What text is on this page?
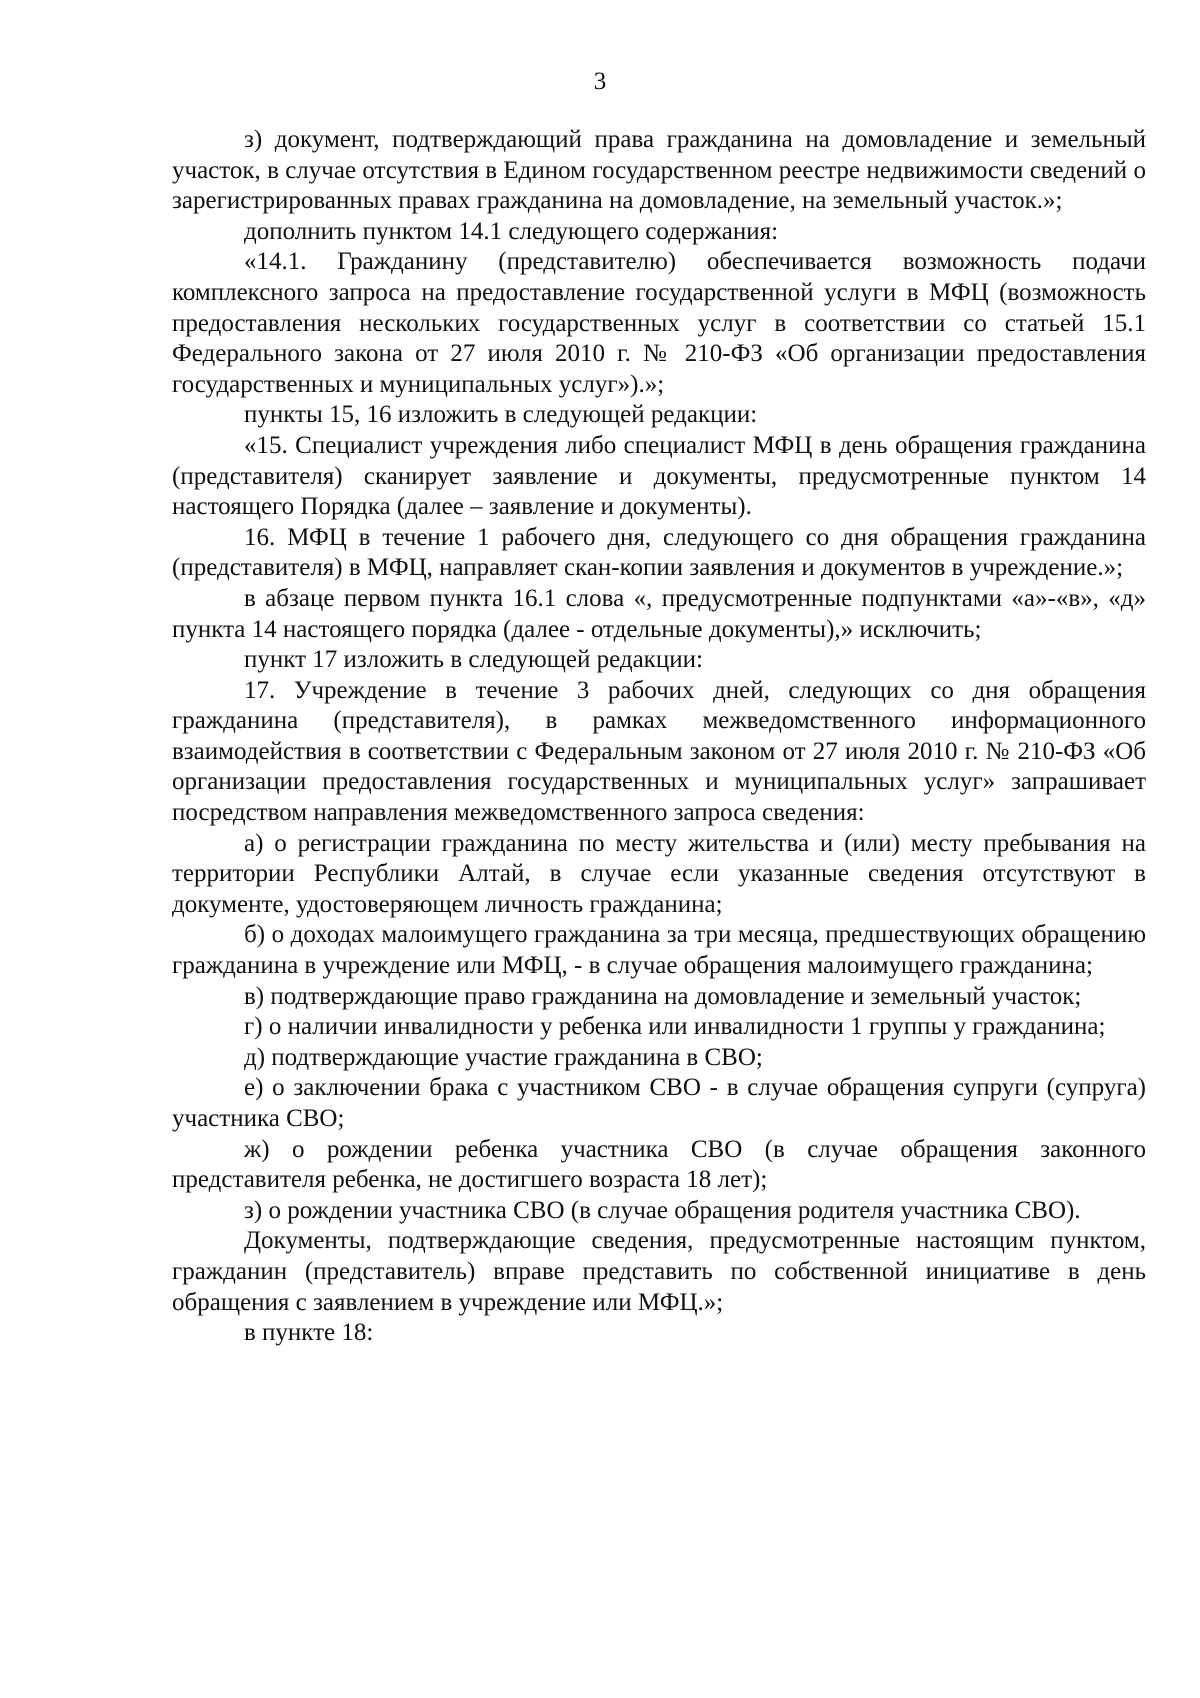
3

з) документ, подтверждающий права гражданина на домовладение и земельный участок, в случае отсутствия в Едином государственном реестре недвижимости сведений о зарегистрированных правах гражданина на домовладение, на земельный участок.»;

дополнить пунктом 14.1 следующего содержания:

«14.1. Гражданину (представителю) обеспечивается возможность подачи комплексного запроса на предоставление государственной услуги в МФЦ (возможность предоставления нескольких государственных услуг в соответствии со статьей 15.1 Федерального закона от 27 июля 2010 г. № 210-ФЗ «Об организации предоставления государственных и муниципальных услуг»).»;

пункты 15, 16 изложить в следующей редакции:

«15. Специалист учреждения либо специалист МФЦ в день обращения гражданина (представителя) сканирует заявление и документы, предусмотренные пунктом 14 настоящего Порядка (далее – заявление и документы).

16. МФЦ в течение 1 рабочего дня, следующего со дня обращения гражданина (представителя) в МФЦ, направляет скан-копии заявления и документов в учреждение.»;

в абзаце первом пункта 16.1 слова «, предусмотренные подпунктами «а»-«в», «д» пункта 14 настоящего порядка (далее - отдельные документы),» исключить;

пункт 17 изложить в следующей редакции:

17. Учреждение в течение 3 рабочих дней, следующих со дня обращения гражданина (представителя), в рамках межведомственного информационного взаимодействия в соответствии с Федеральным законом от 27 июля 2010 г. № 210-ФЗ «Об организации предоставления государственных и муниципальных услуг» запрашивает посредством направления межведомственного запроса сведения:

а) о регистрации гражданина по месту жительства и (или) месту пребывания на территории Республики Алтай, в случае если указанные сведения отсутствуют в документе, удостоверяющем личность гражданина;

б) о доходах малоимущего гражданина за три месяца, предшествующих обращению гражданина в учреждение или МФЦ, - в случае обращения малоимущего гражданина;

в) подтверждающие право гражданина на домовладение и земельный участок;

г) о наличии инвалидности у ребенка или инвалидности 1 группы у гражданина;

д) подтверждающие участие гражданина в СВО;

е) о заключении брака с участником СВО - в случае обращения супруги (супруга) участника СВО;

ж) о рождении ребенка участника СВО (в случае обращения законного представителя ребенка, не достигшего возраста 18 лет);

з) о рождении участника СВО (в случае обращения родителя участника СВО).

Документы, подтверждающие сведения, предусмотренные настоящим пунктом, гражданин (представитель) вправе представить по собственной инициативе в день обращения с заявлением в учреждение или МФЦ.»;

в пункте 18:
